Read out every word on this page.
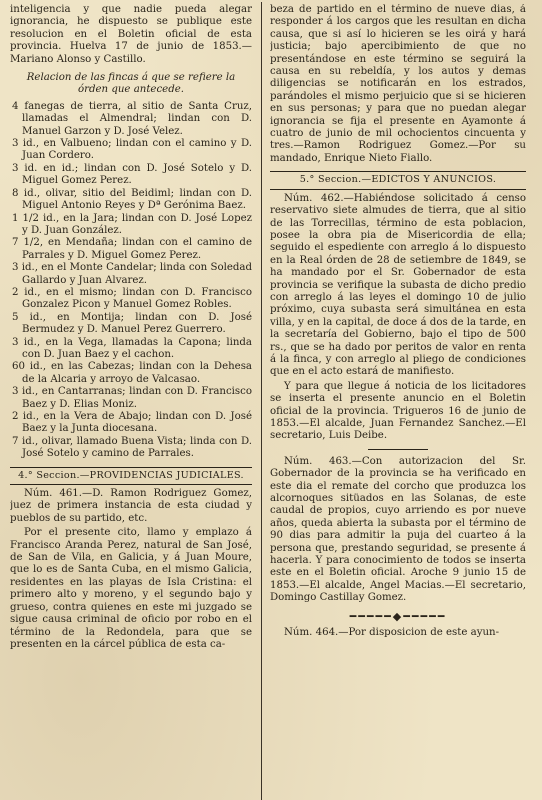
inteligencia y que nadie pueda alegar ignorancia, he dispuesto se publique este resolucion en el Boletin oficial de esta provincia. Huelva 17 de junio de 1853.—Mariano Alonso y Castillo.

Relacion de las fincas á que se refiere la órden que antecede.

4 fanegas de tierra, al sitio de Santa Cruz, llamadas el Almendral; lindan con D. Manuel Garzon y D. José Velez.

3 id., en Valbueno; lindan con el camino y D. Juan Cordero.

3 id. en id.; lindan con D. José Sotelo y D. Miguel Gomez Perez.

8 id., olivar, sitio del Beidiml; lindan con D. Miguel Antonio Reyes y Dª Gerónima Baez.

1 1/2 id., en la Jara; lindan con D. José Lopez y D. Juan González.

7 1/2, en Mendaña; lindan con el camino de Parrales y D. Miguel Gomez Perez.

3 id., en el Monte Candelar; linda con Soledad Gallardo y Juan Alvarez.

2 id., en el mismo; lindan con D. Francisco Gonzalez Picon y Manuel Gomez Robles.

5 id., en Montija; lindan con D. José Bermudez y D. Manuel Perez Guerrero.

3 id., en la Vega, llamadas la Capona; linda con D. Juan Baez y el cachon.

60 id., en las Cabezas; lindan con la Dehesa de la Alcaria y arroyo de Valcasao.

3 id., en Cantarranas; lindan con D. Francisco Baez y D. Elias Moniz.

2 id., en la Vera de Abajo; lindan con D. José Baez y la Junta diocesana.

7 id., olivar, llamado Buena Vista; linda con D. José Sotelo y camino de Parrales.

4.° Seccion.—PROVIDENCIAS JUDICIALES.

Núm. 461.—D. Ramon Rodriguez Gomez, juez de primera instancia de esta ciudad y pueblos de su partido, etc.

Por el presente cito, llamo y emplazo á Francisco Aranda Perez, natural de San José, de San de Vila, en Galicia, y á Juan Moure, que lo es de Santa Cuba, en el mismo Galicia, residentes en las playas de Isla Cristina: el primero alto y moreno, y el segundo bajo y grueso, contra quienes en este mi juzgado se sigue causa criminal de oficio por robo en el término de la Redondela, para que se presenten en la cárcel pública de esta ca-

beza de partido en el término de nueve dias, á responder á los cargos que les resultan en dicha causa, que si así lo hicieren se les oirá y hará justicia; bajo apercibimiento de que no presentándose en este término se seguirá la causa en su rebeldía, y los autos y demas diligencias se notificarán en los estrados, parándoles el mismo perjuicio que si se hicieren en sus personas; y para que no puedan alegar ignorancia se fija el presente en Ayamonte á cuatro de junio de mil ochocientos cincuenta y tres.—Ramon Rodriguez Gomez.—Por su mandado, Enrique Nieto Fiallo.

5.° Seccion.—EDICTOS Y ANUNCIOS.

Núm. 462.—Habiéndose solicitado á censo reservativo siete almudes de tierra, que al sitio de las Torrecillas, término de esta poblacion, posee la obra pia de Misericordia de ella; seguido el espediente con arreglo á lo dispuesto en la Real órden de 28 de setiembre de 1849, se ha mandado por el Sr. Gobernador de esta provincia se verifique la subasta de dicho predio con arreglo á las leyes el domingo 10 de julio próximo, cuya subasta será simultánea en esta villa, y en la capital, de doce á dos de la tarde, en la secretaría del Gobierno, bajo el tipo de 500 rs., que se ha dado por peritos de valor en renta á la finca, y con arreglo al pliego de condiciones que en el acto estará de manifiesto.

Y para que llegue á noticia de los licitadores se inserta el presente anuncio en el Boletin oficial de la provincia. Trigueros 16 de junio de 1853.—El alcalde, Juan Fernandez Sanchez.—El secretario, Luis Deibe.

Núm. 463.—Con autorizacion del Sr. Gobernador de la provincia se ha verificado en este dia el remate del corcho que produzca los alcornoques sitüados en las Solanas, de este caudal de propios, cuyo arriendo es por nueve años, queda abierta la subasta por el término de 90 dias para admitir la puja del cuarteo á la persona que, prestando seguridad, se presente á hacerla. Y para conocimiento de todos se inserta este en el Boletin oficial. Aroche 9 junio 15 de 1853.—El alcalde, Angel Macias.—El secretario, Domingo Castillay Gomez.

━━━━━◆━━━━━

Núm. 464.—Por disposicion de este ayun-
